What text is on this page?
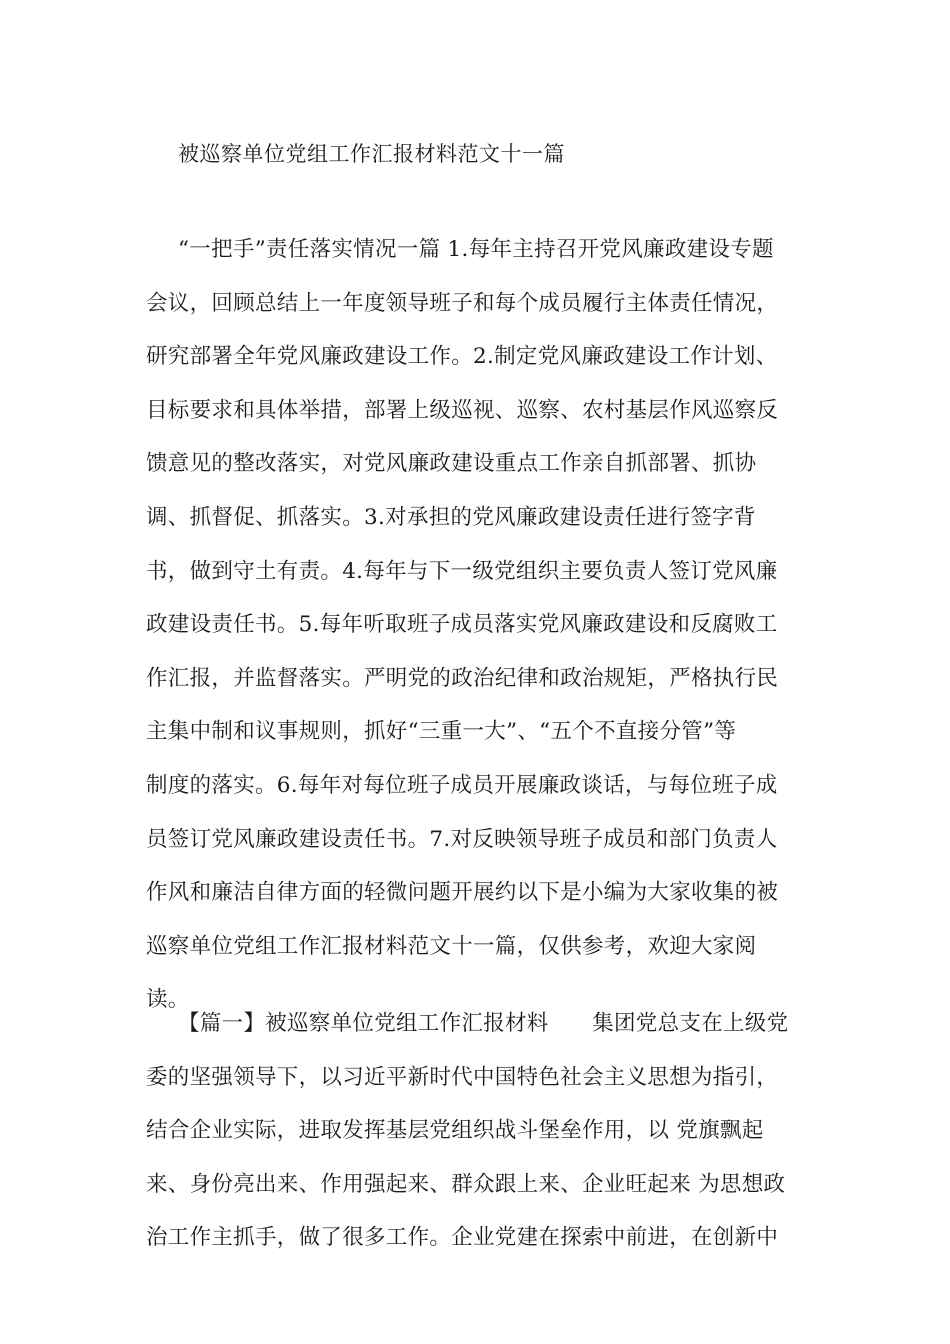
被巡察单位党组工作汇报材料范文十一篇
“一把手”责任落实情况一篇 1.每年主持召开党风廉政建设专题
会议，回顾总结上一年度领导班子和每个成员履行主体责任情况，
研究部署全年党风廉政建设工作。2.制定党风廉政建设工作计划、
目标要求和具体举措，部署上级巡视、巡察、农村基层作风巡察反
馈意见的整改落实，对党风廉政建设重点工作亲自抓部署、抓协
调、抓督促、抓落实。3.对承担的党风廉政建设责任进行签字背
书，做到守土有责。4.每年与下一级党组织主要负责人签订党风廉
政建设责任书。5.每年听取班子成员落实党风廉政建设和反腐败工
作汇报，并监督落实。严明党的政治纪律和政治规矩，严格执行民
主集中制和议事规则，抓好“三重一大”、“五个不直接分管”等
制度的落实。6.每年对每位班子成员开展廉政谈话，与每位班子成
员签订党风廉政建设责任书。7.对反映领导班子成员和部门负责人
作风和廉洁自律方面的轻微问题开展约以下是小编为大家收集的被
巡察单位党组工作汇报材料范文十一篇，仅供参考，欢迎大家阅
读。
【篇一】被巡察单位党组工作汇报材料　　集团党总支在上级党
委的坚强领导下，以习近平新时代中国特色社会主义思想为指引，
结合企业实际，进取发挥基层党组织战斗堡垒作用，以 党旗飘起
来、身份亮出来、作用强起来、群众跟上来、企业旺起来 为思想政
治工作主抓手，做了很多工作。企业党建在探索中前进，在创新中
